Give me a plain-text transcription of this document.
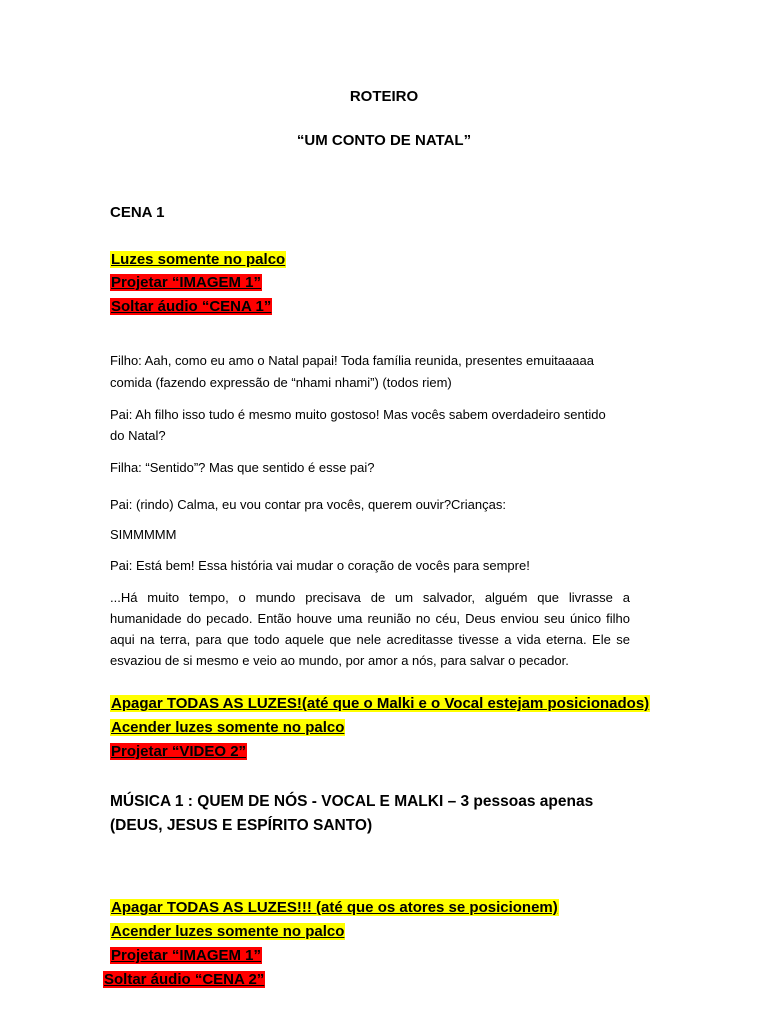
ROTEIRO
“UM CONTO DE NATAL”
CENA 1
Luzes somente no palco
Projetar “IMAGEM 1”
Soltar áudio “CENA 1”
Filho: Aah, como eu amo o Natal papai! Toda família reunida, presentes emuitaaaaa
comida (fazendo expressão de “nhami nhami”) (todos riem)
Pai: Ah filho isso tudo é mesmo muito gostoso! Mas vocês sabem overdadeiro sentido
do Natal?
Filha: “Sentido”? Mas que sentido é esse pai?
Pai: (rindo) Calma, eu vou contar pra vocês, querem ouvir?Crianças:
SIMMMMM
Pai: Está bem! Essa história vai mudar o coração de vocês para sempre!
...Há muito tempo, o mundo precisava de um salvador, alguém que livrasse a humanidade do pecado. Então houve uma reunião no céu, Deus enviou seu único filho aqui na terra, para que todo aquele que nele acreditasse tivesse a vida eterna. Ele se esvaziou de si mesmo e veio ao mundo, por amor a nós, para salvar o pecador.
Apagar TODAS AS LUZES!(até que o Malki e o Vocal estejam posicionados)
Acender luzes somente no palco
Projetar “VIDEO 2”
MÚSICA 1 : QUEM DE NÓS - VOCAL E MALKI – 3 pessoas apenas (DEUS, JESUS E ESPÍRITO SANTO)
Apagar TODAS AS LUZES!!! (até que os atores se posicionem)
Acender luzes somente no palco
Projetar “IMAGEM 1”
Soltar áudio “CENA 2”
